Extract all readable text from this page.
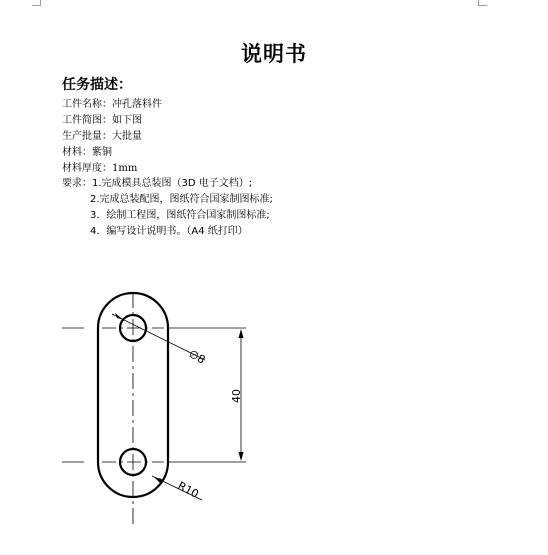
说明书
任务描述：
工件名称：冲孔落料件
工件简图：如下图
生产批量：大批量
材料：紫铜
材料厚度：1mm
要求：1.完成模具总装图（3D 电子文档）;
2.完成总装配图，图纸符合国家制图标准;
3．绘制工程图，图纸符合国家制图标准;
4．编写设计说明书。（A4 纸打印）
40
∅8
R10
